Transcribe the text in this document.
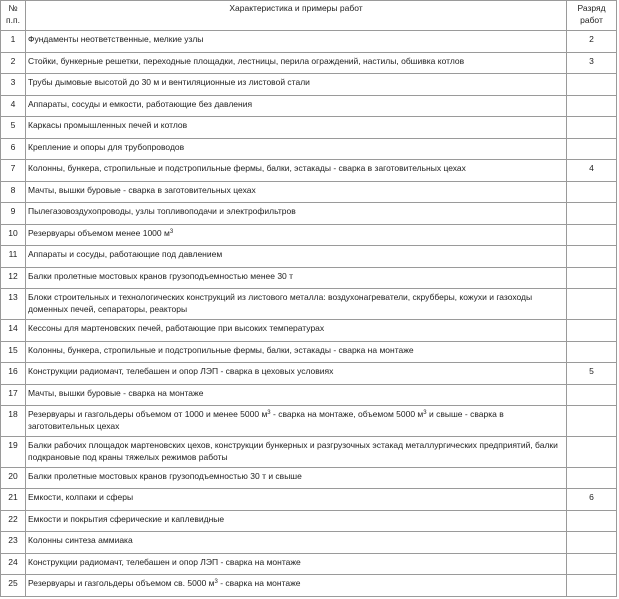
№ п.п.	Характеристика и примеры работ	Разряд работ
1	Фундаменты неответственные, мелкие узлы	2
2	Стойки, бункерные решетки, переходные площадки, лестницы, перила ограждений, настилы, обшивка котлов	3
3	Трубы дымовые высотой до 30 м и вентиляционные из листовой стали	
4	Аппараты, сосуды и емкости, работающие без давления	
5	Каркасы промышленных печей и котлов	
6	Крепление и опоры для трубопроводов	
7	Колонны, бункера, стропильные и подстропильные фермы, балки, эстакады - сварка в заготовительных цехах	4
8	Мачты, вышки буровые - сварка в заготовительных цехах	
9	Пылегазовоздухопроводы, узлы топливоподачи и электрофильтров	
10	Резервуары объемом менее 1000 $м^3$	
11	Аппараты и сосуды, работающие под давлением	
12	Балки пролетные мостовых кранов грузоподъемностью менее 30 т	
13	Блоки строительных и технологических конструкций из листового металла: воздухонагреватели, скрубберы, кожухи и газоходы доменных печей, сепараторы, реакторы	
14	Кессоны для мартеновских печей, работающие при высоких температурах	
15	Колонны, бункера, стропильные и подстропильные фермы, балки, эстакады - сварка на монтаже	
16	Конструкции радиомачт, телебашен и опор ЛЭП - сварка в цеховых условиях	5
17	Мачты, вышки буровые - сварка на монтаже	
18	Резервуары и газгольдеры объемом от 1000 и менее 5000 $м^3$ - сварка на монтаже, объемом 5000 $м^3$ и свыше - сварка в заготовительных цехах	
19	Балки рабочих площадок мартеновских цехов, конструкции бункерных и разгрузочных эстакад металлургических предприятий, балки подкрановые под краны тяжелых режимов работы	
20	Балки пролетные мостовых кранов грузоподъемностью 30 т и свыше	
21	Емкости, колпаки и сферы	6
22	Емкости и покрытия сферические и каплевидные	
23	Колонны синтеза аммиака	
24	Конструкции радиомачт, телебашен и опор ЛЭП - сварка на монтаже	
25	Резервуары и газгольдеры объемом св. 5000 $м^3$ - сварка на монтаже	
